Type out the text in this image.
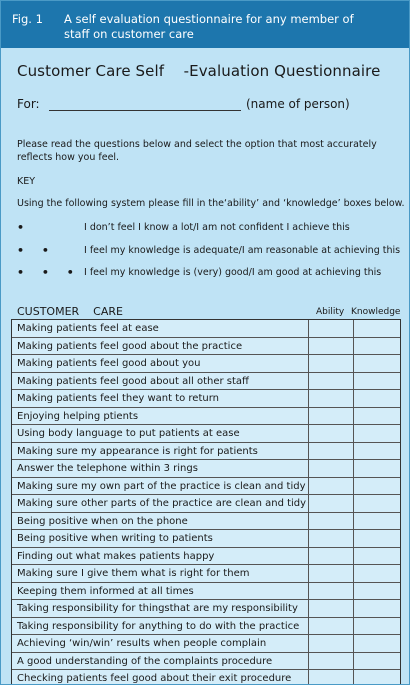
Fig. 1 A self evaluation questionnaire for any member of staff on customer care
Customer Care Self    -Evaluation Questionnaire
For:	(name of person)
Please read the questions below and select the option that most accurately reflects how you feel.
KEY
Using the following system please fill in the‘ability’ and ‘knowledge’ boxes below.
•	I don’t feel I know a lot/I am not confident I achieve this
• •	I feel my knowledge is adequate/I am reasonable at achieving this
• • • I feel my knowledge is (very) good/I am good at achieving this
CUSTOMER    CARE	Ability Knowledge
Making patients feel at ease
Making patients feel good about the practice
Making patients feel good about you
Making patients feel good about all other staff
Making patients feel they want to return
Enjoying helping ptients
Using body language to put patients at ease
Making sure my appearance is right for patients
Answer the telephone within 3 rings
Making sure my own part of the practice is clean and tidy
Making sure other parts of the practice are clean and tidy
Being positive when on the phone
Being positive when writing to patients
Finding out what makes patients happy
Making sure I give them what is right for them
Keeping them informed at all times
Taking responsibility for thingsthat are my responsibility
Taking responsibility for anything to do with the practice
Achieving ‘win/win’ results when people complain
A good understanding of the complaints procedure
Checking patients feel good about their exit procedure
